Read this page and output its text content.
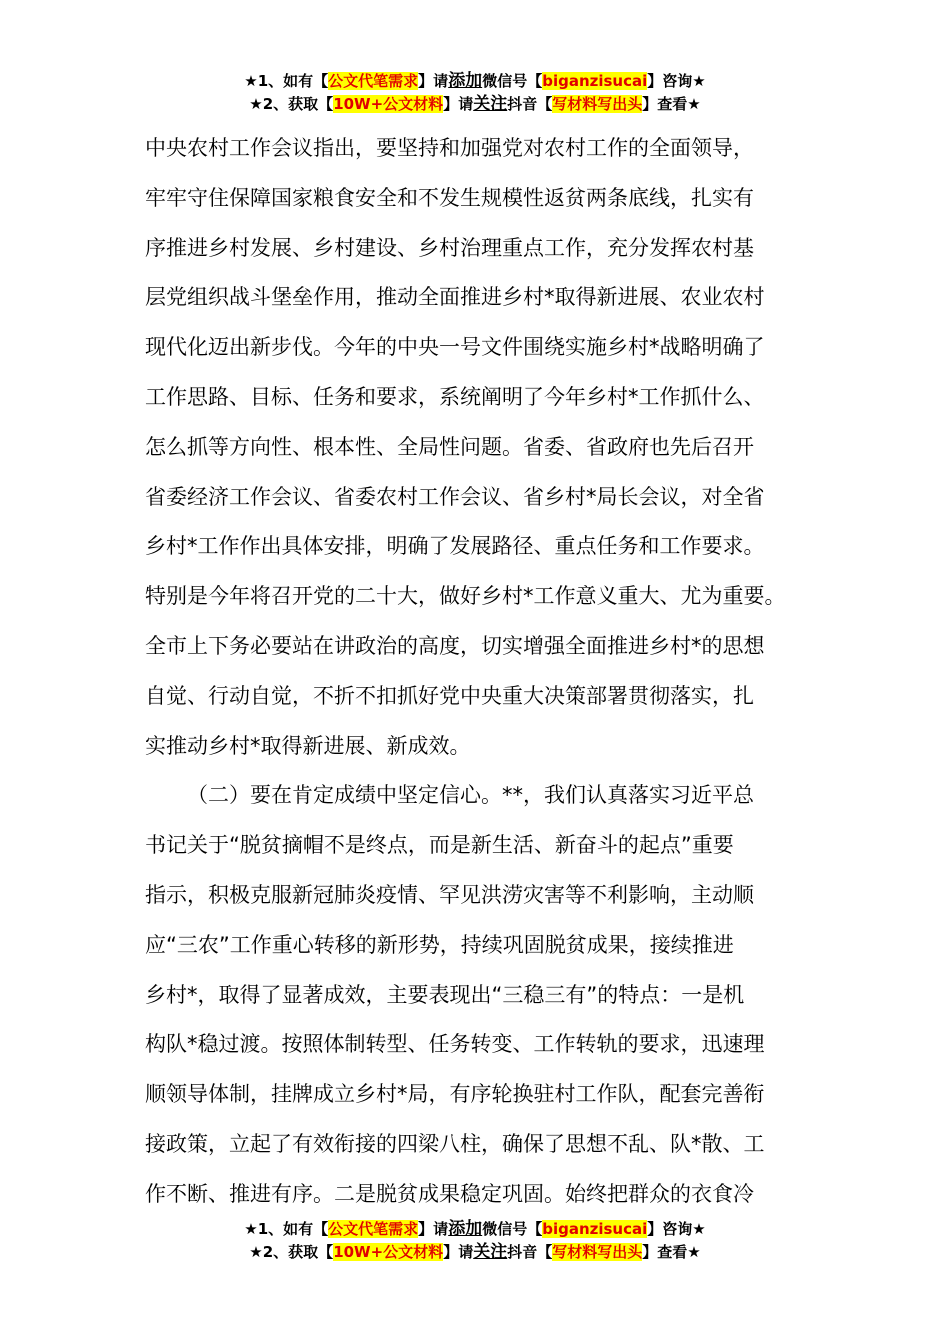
★1、如有【公文代笔需求】请添加微信号【biganzisucai】咨询★
★2、获取【10W+公文材料】请关注抖音【写材料写出头】查看★
中央农村工作会议指出，要坚持和加强党对农村工作的全面领导，
牢牢守住保障国家粮食安全和不发生规模性返贫两条底线，扎实有
序推进乡村发展、乡村建设、乡村治理重点工作，充分发挥农村基
层党组织战斗堡垒作用，推动全面推进乡村*取得新进展、农业农村
现代化迈出新步伐。今年的中央一号文件围绕实施乡村*战略明确了
工作思路、目标、任务和要求，系统阐明了今年乡村*工作抓什么、
怎么抓等方向性、根本性、全局性问题。省委、省政府也先后召开
省委经济工作会议、省委农村工作会议、省乡村*局长会议，对全省
乡村*工作作出具体安排，明确了发展路径、重点任务和工作要求。
特别是今年将召开党的二十大，做好乡村*工作意义重大、尤为重要。
全市上下务必要站在讲政治的高度，切实增强全面推进乡村*的思想
自觉、行动自觉，不折不扣抓好党中央重大决策部署贯彻落实，扎
实推动乡村*取得新进展、新成效。
（二）要在肯定成绩中坚定信心。**，我们认真落实习近平总
书记关于“脱贫摘帽不是终点，而是新生活、新奋斗的起点”重要
指示，积极克服新冠肺炎疫情、罕见洪涝灾害等不利影响，主动顺
应“三农”工作重心转移的新形势，持续巩固脱贫成果，接续推进
乡村*，取得了显著成效，主要表现出“三稳三有”的特点：一是机
构队*稳过渡。按照体制转型、任务转变、工作转轨的要求，迅速理
顺领导体制，挂牌成立乡村*局，有序轮换驻村工作队，配套完善衔
接政策，立起了有效衔接的四梁八柱，确保了思想不乱、队*散、工
作不断、推进有序。二是脱贫成果稳定巩固。始终把群众的衣食冷
★1、如有【公文代笔需求】请添加微信号【biganzisucai】咨询★
★2、获取【10W+公文材料】请关注抖音【写材料写出头】查看★
